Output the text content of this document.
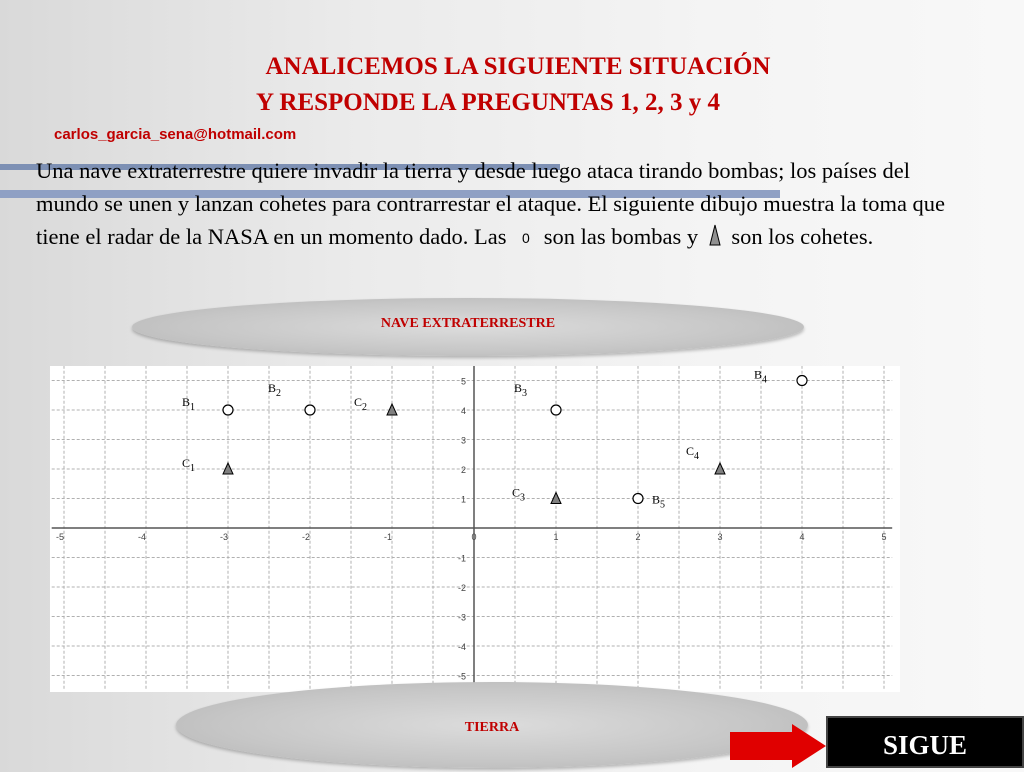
ANALICEMOS LA SIGUIENTE SITUACIÓN
Y RESPONDE LA PREGUNTAS 1, 2, 3 y 4
carlos_garcia_sena@hotmail.com
Una nave extraterrestre quiere invadir la tierra y desde luego ataca tirando bombas; los países del mundo se unen y lanzan cohetes para contrarrestar el ataque. El siguiente dibujo muestra la toma que tiene el radar de la NASA en un momento dado. Las 0 son las bombas y  son los cohetes.
NAVE EXTRATERRESTRE
-5	-4	-3	-2	-1	0	1	2	3	4	5
5
4
3
2
1
-1
-2
-3
-4
-5
$B_1$
$B_2$	$B_3$
$B_4$
$B_5$
$C_1$
$C_2$
$C_3$
$C_4$
TIERRA
SIGUE
